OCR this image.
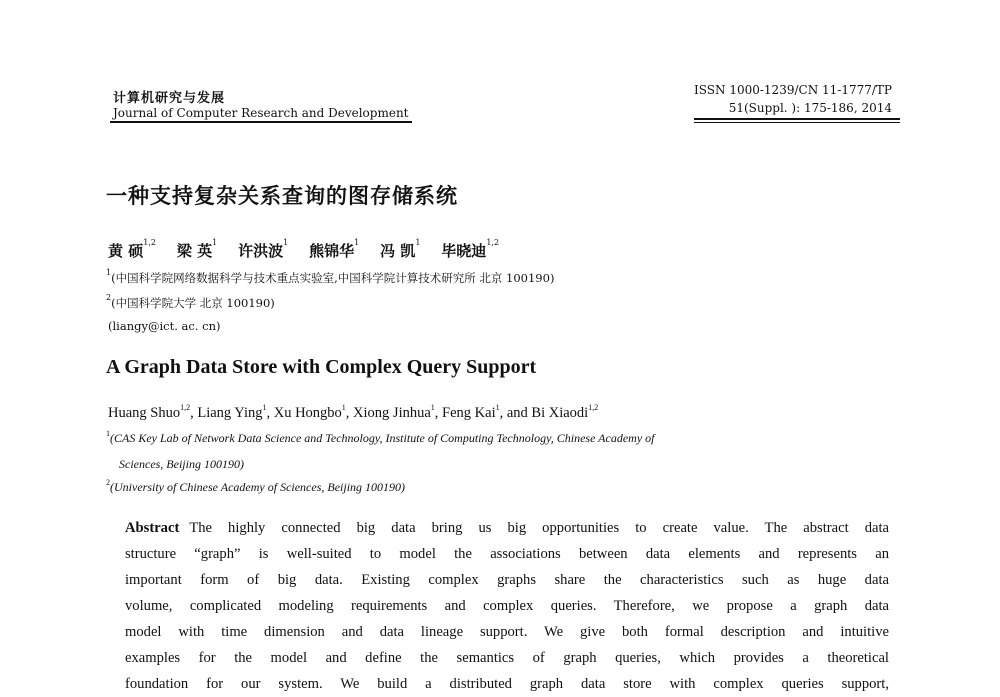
计算机研究与发展
Journal of Computer Research and Development
ISSN 1000-1239/CN 11-1777/TP
51(Suppl. ): 175-186, 2014
一种支持复杂关系查询的图存储系统
黄 硕$^{1,2}$ 梁 英$^1$ 许洪波$^1$ 熊锦华$^1$ 冯 凯$^1$ 毕晓迪$^{1,2}$
$^1$(中国科学院网络数据科学与技术重点实验室,中国科学院计算技术研究所 北京 100190)
$^2$(中国科学院大学 北京 100190)
(liangy@ict. ac. cn)
A Graph Data Store with Complex Query Support
Huang Shuo$^{1,2}$, Liang Ying$^1$, Xu Hongbo$^1$, Xiong Jinhua$^1$, Feng Kai$^1$, and Bi Xiaodi$^{1,2}$
$^1$(CAS Key Lab of Network Data Science and Technology, Institute of Computing Technology, Chinese Academy of
Sciences, Beijing 100190)
$^2$(University of Chinese Academy of Sciences, Beijing 100190)
Abstract The highly connected big data bring us big opportunities to create value. The abstract data
structure “graph” is well-suited to model the associations between data elements and represents an
important form of big data. Existing complex graphs share the characteristics such as huge data
volume, complicated modeling requirements and complex queries. Therefore, we propose a graph data
model with time dimension and data lineage support. We give both formal description and intuitive
examples for the model and define the semantics of graph queries, which provides a theoretical
foundation for our system. We build a distributed graph data store with complex queries support,
